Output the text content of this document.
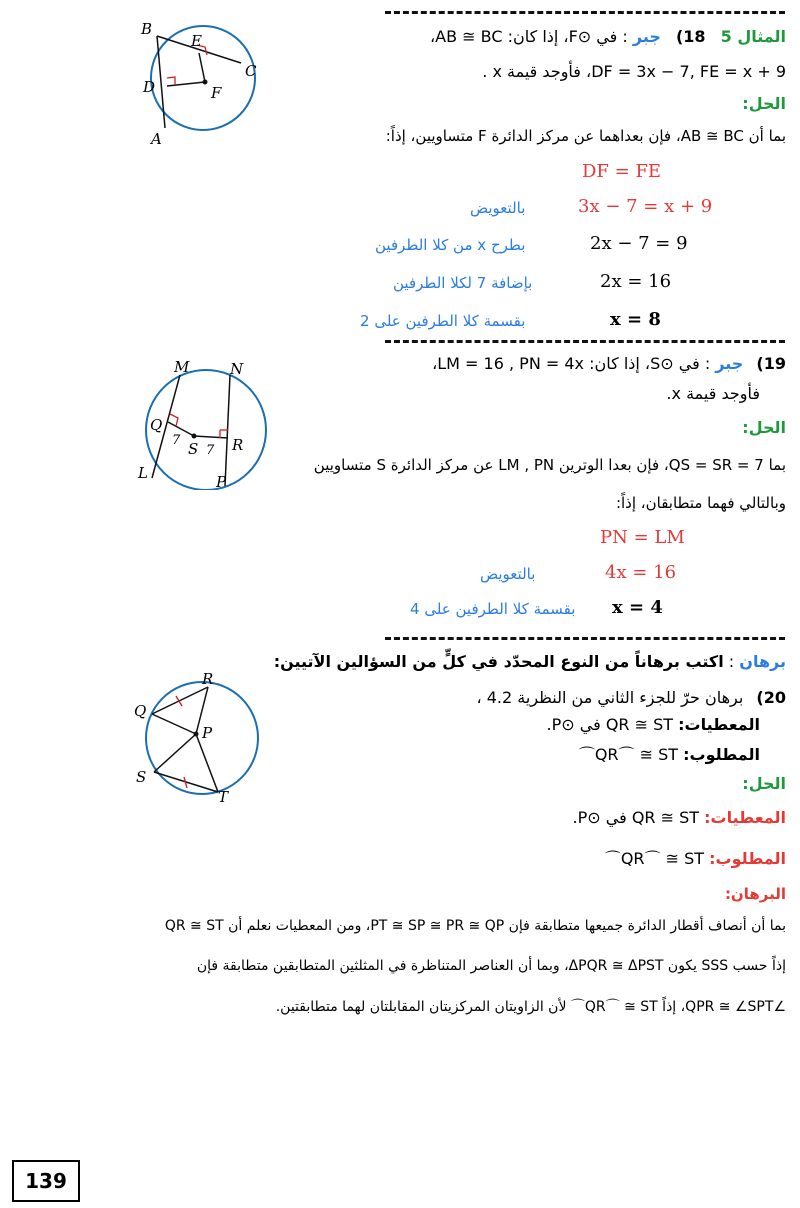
B
E
C
D	F
A
المثال 5 18) جبر : في ⊙F، إذا كان: AB ≅ BC،
DF = 3x − 7, FE = x + 9، فأوجد قيمة x .
الحل:
بما أن AB ≅ BC، فإن بعداهما عن مركز الدائرة F متساويين، إذاً:
DF = FE
بالتعويض	3x − 7 = x + 9
بطرح x من كلا الطرفين	2x − 7 = 9
بإضافة 7 لكلا الطرفين	2x = 16
بقسمة كلا الطرفين على 2	x = 8
M	N
Q
7 S 7 R
L	P
19) جبر : في ⊙S، إذا كان: LM = 16 , PN = 4x،
فأوجد قيمة x.
الحل:
بما QS = SR = 7، فإن بعدا الوترين LM , PN عن مركز الدائرة S متساويين
وبالتالي فهما متطابقان، إذاً:
PN = LM
بالتعويض	4x = 16
بقسمة كلا الطرفين على 4 x = 4
برهان : اكتب برهاناً من النوع المحدّد في كلٍّ من السؤالين الآتيين:
R
Q
P
S
T
20) برهان حرّ للجزء الثاني من النظرية 4.2 ،
المعطيات: QR ≅ ST في ⊙P.
المطلوب: QR⌒ ≅ ST⌒
الحل:
المعطيات: QR ≅ ST في ⊙P.
المطلوب: QR⌒ ≅ ST⌒
البرهان:
بما أن أنصاف أقطار الدائرة جميعها متطابقة فإن PT ≅ SP ≅ PR ≅ QP، ومن المعطيات نعلم أن QR ≅ ST
إذاً حسب SSS يكون ΔPQR ≅ ΔPST، وبما أن العناصر المتناظرة في المثلثين المتطابقين متطابقة فإن
∠QPR ≅ ∠SPT، إذاً QR⌒ ≅ ST⌒ لأن الزاويتان المركزيتان المقابلتان لهما متطابقتين.
139
